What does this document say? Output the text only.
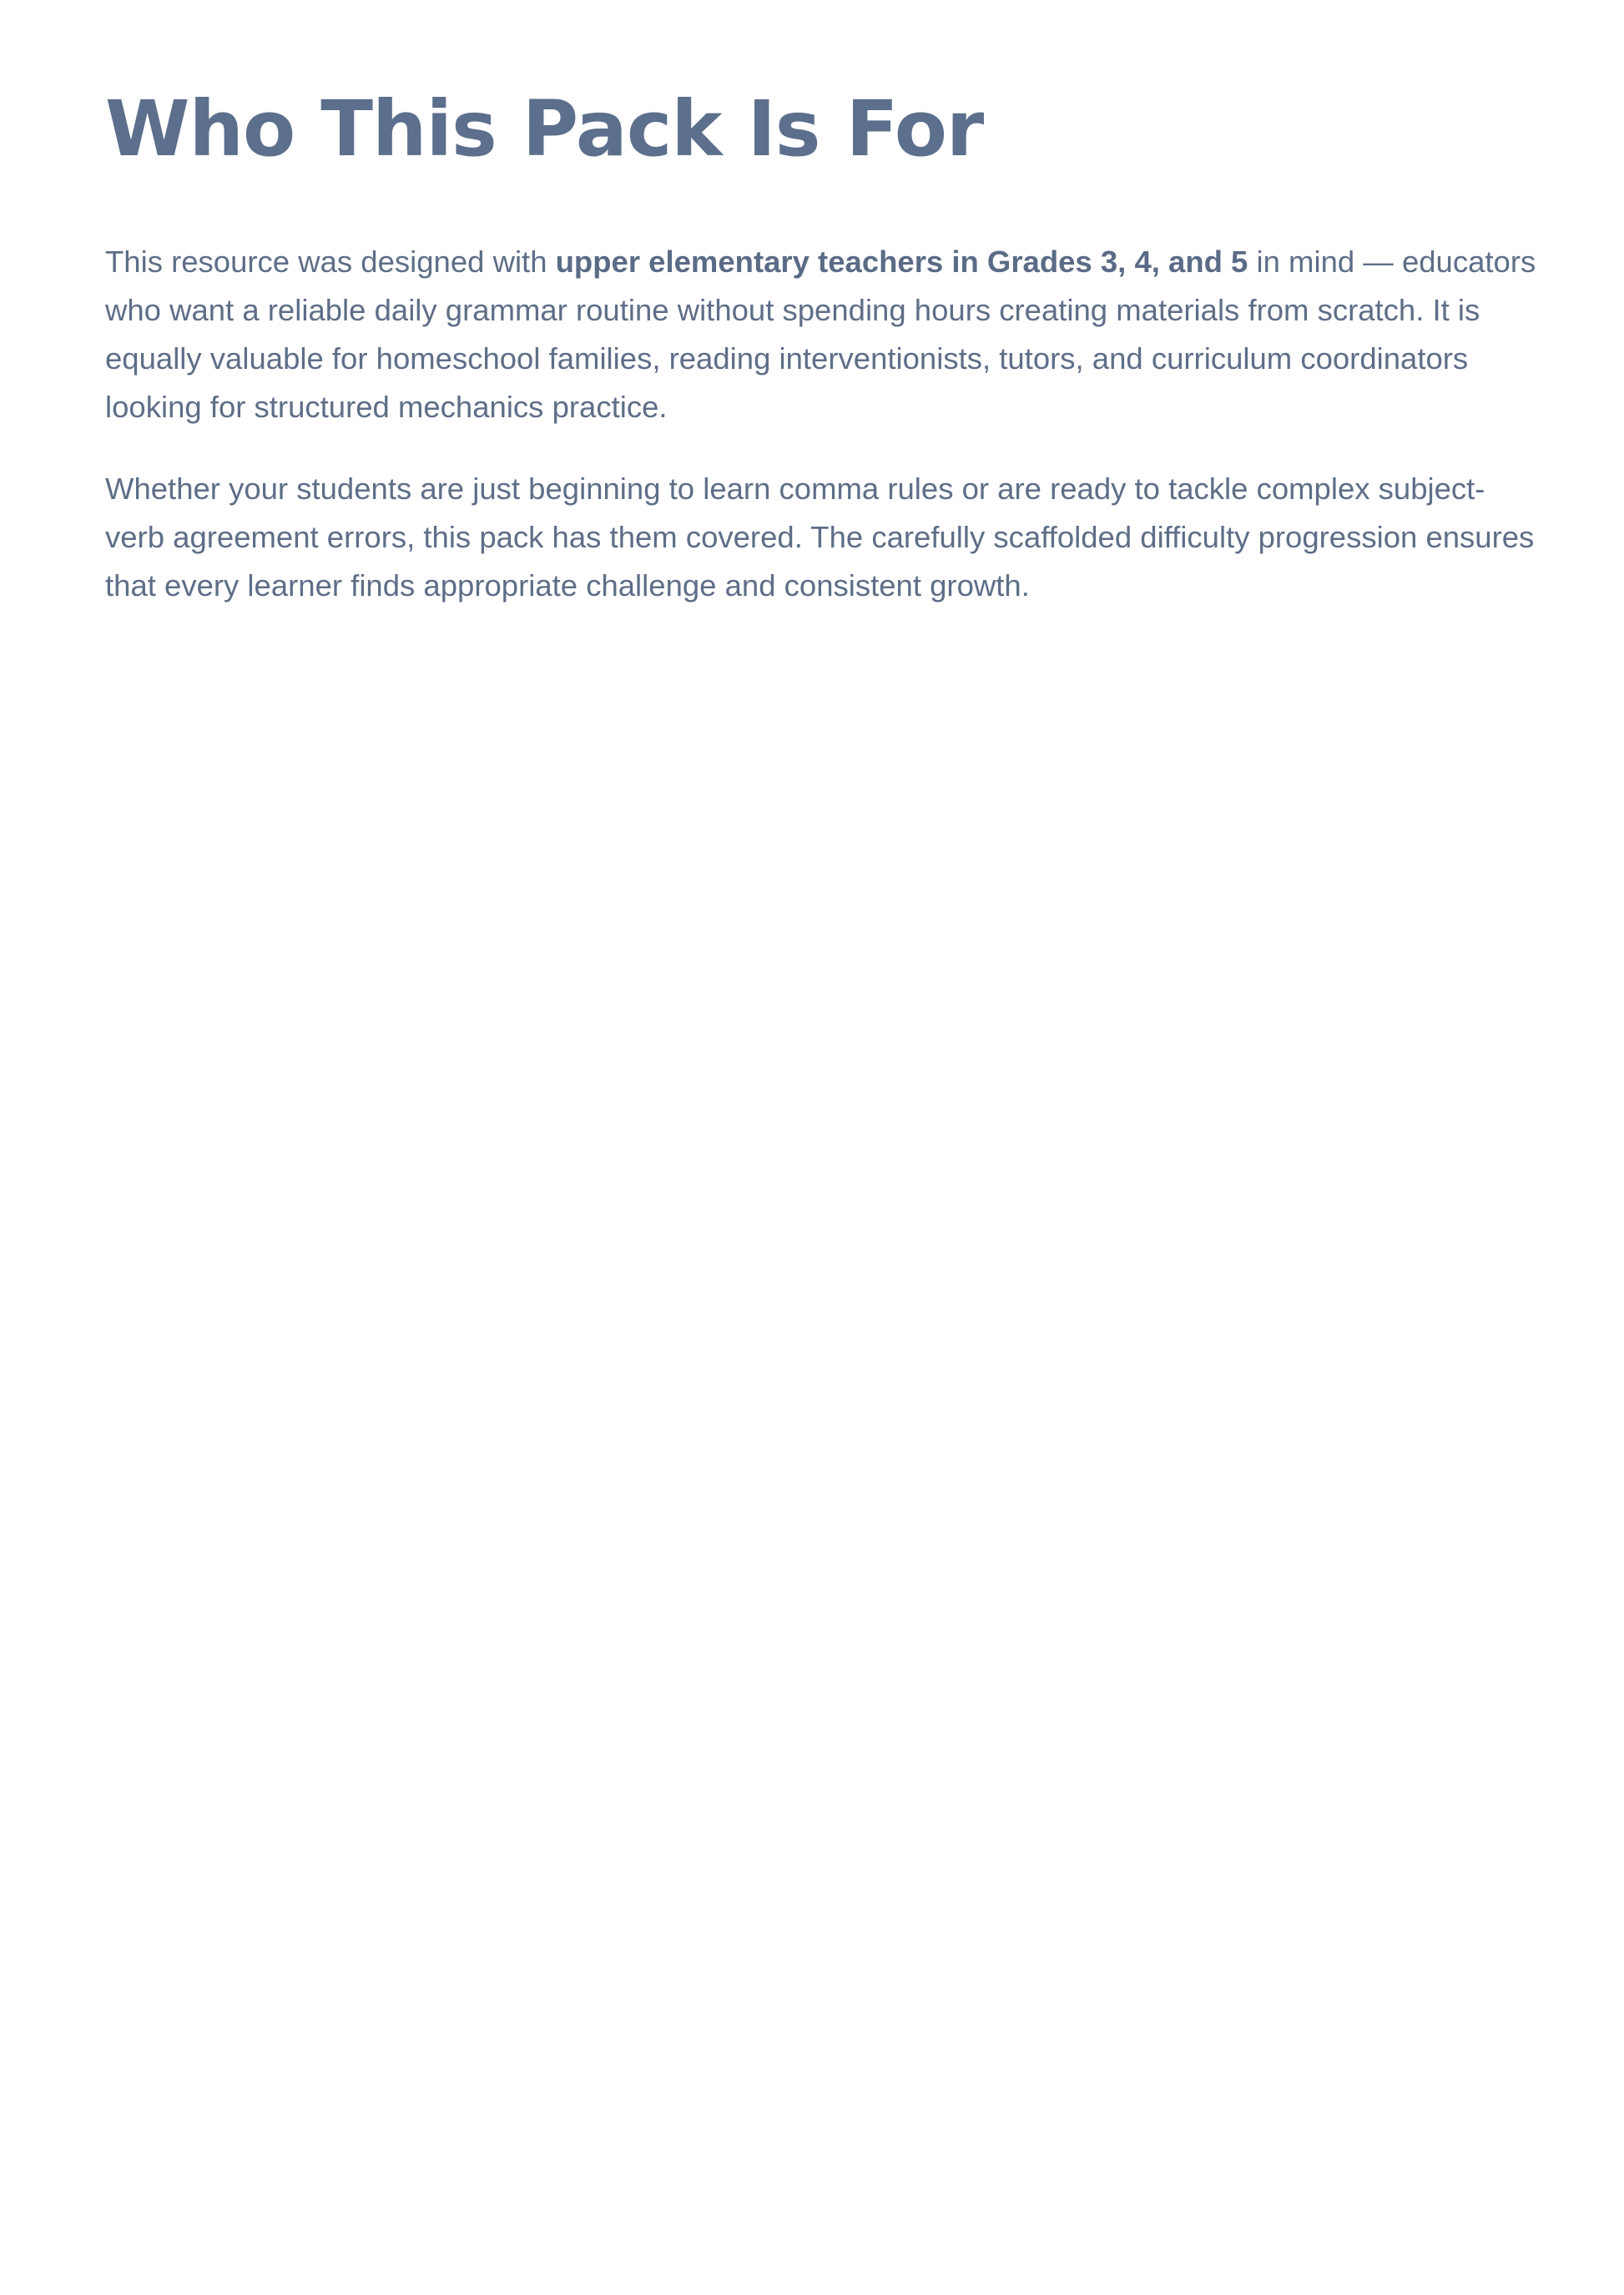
Who This Pack Is For

This resource was designed with upper elementary teachers in Grades 3, 4, and 5 in mind — educators who want a reliable daily grammar routine without spending hours creating materials from scratch. It is equally valuable for homeschool families, reading interventionists, tutors, and curriculum coordinators looking for structured mechanics practice.

Whether your students are just beginning to learn comma rules or are ready to tackle complex subject-verb agreement errors, this pack has them covered. The carefully scaffolded difficulty progression ensures that every learner finds appropriate challenge and consistent growth.
